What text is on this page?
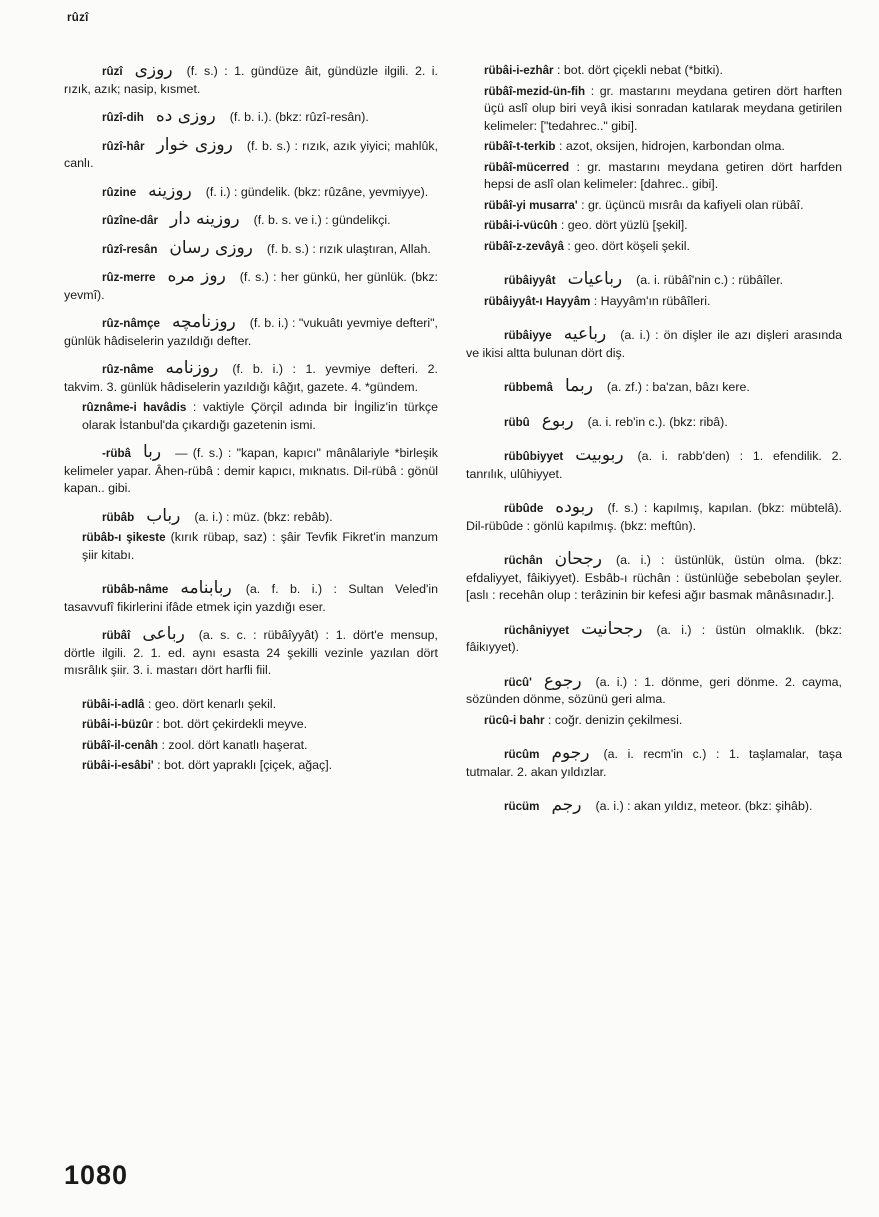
rûzî
rûzî روزی (f. s.) : 1. gündüze âit, gündüzle ilgili. 2. i. rızık, azık; nasip, kısmet.
rûzî-dih روزی ده (f. b. i.). (bkz: rûzî-resân).
rûzî-hâr روزی خوار (f. b. s.) : rızık, azık yiyici; mahlûk, canlı.
rûzine روزینه (f. i.) : gündelik. (bkz: rûzâne, yevmiyye).
rûzîne-dâr روزینه دار (f. b. s. ve i.) : gündelikçi.
rûzî-resân روزی رسان (f. b. s.) : rızık ulaştıran, Allah.
rûz-merre روز مره (f. s.) : her günkü, her günlük. (bkz: yevmî).
rûz-nâmçe روزنامچه (f. b. i.) : "vukuâtı yevmiye defteri", günlük hâdiselerin yazıldığı defter.
rûz-nâme روزنامه (f. b. i.) : 1. yevmiye defteri. 2. takvim. 3. günlük hâdiselerin yazıldığı kâğıt, gazete. 4. *gündem.
rûznâme-i havâdis : vaktiyle Çörçil adında bir İngiliz'in türkçe olarak İstanbul'da çıkardığı gazetenin ismi.
-rübâ ربا — (f. s.) : "kapan, kapıcı" mânâlariyle *birleşik kelimeler yapar. Âhen-rübâ : demir kapıcı, mıknatıs. Dil-rübâ : gönül kapan.. gibi.
rübâb رباب (a. i.) : müz. (bkz: rebâb).
rübâb-ı şikeste (kırık rübap, saz) : şâir Tevfik Fikret'in manzum şiir kitabı.
rübâb-nâme ربابنامه (a. f. b. i.) : Sultan Veled'in tasavvufî fikirlerini ifâde etmek için yazdığı eser.
rübâî رباعی (a. s. c. : rübâîyyât) : 1. dört'e mensup, dörtle ilgili. 2. 1. ed. aynı esasta 24 şekilli vezinle yazılan dört mısrâlık şiir. 3. i. mastarı dört harfli fiil.
rübâi-i-adlâ : geo. dört kenarlı şekil.
rübâi-i-büzûr : bot. dört çekirdekli meyve.
rübâî-il-cenâh : zool. dört kanatlı haşerat.
rübâi-i-esâbi' : bot. dört yapraklı [çiçek, ağaç].
rübâi-i-ezhâr : bot. dört çiçekli nebat (*bitki).
rübâî-mezid-ün-fih : gr. mastarını meydana getiren dört harften üçü aslî olup biri veyâ ikisi sonradan katılarak meydana getirilen kelimeler: ["tedahrec.." gibi].
rübâî-t-terkib : azot, oksijen, hidrojen, karbondan olma.
rübâî-mücerred : gr. mastarını meydana getiren dört harfden hepsi de aslî olan kelimeler: [dahrec.. gibi].
rübâî-yi musarra' : gr. üçüncü mısrâı da kafiyeli olan rübâî.
rübâi-i-vücûh : geo. dört yüzlü [şekil].
rübâî-z-zevâyâ : geo. dört köşeli şekil.
rübâiyyât رباعیات (a. i. rübâî'nin c.) : rübâîler.
rübâiyyât-ı Hayyâm : Hayyâm'ın rübâîleri.
rübâiyye رباعیه (a. i.) : ön dişler ile azı dişleri arasında ve ikisi altta bulunan dört diş.
rübbemâ ربما (a. zf.) : ba'zan, bâzı kere.
rübû ربوع (a. i. reb'in c.). (bkz: ribâ).
rübûbiyyet ربوبیت (a. i. rabb'den) : 1. efendilik. 2. tanrılık, ulûhiyyet.
rübûde ربوده (f. s.) : kapılmış, kapılan. (bkz: mübtelâ). Dil-rübûde : gönlü kapılmış. (bkz: meftûn).
rüchân رجحان (a. i.) : üstünlük, üstün olma. (bkz: efdaliyyet, fâikiyyet). Esbâb-ı rüchân : üstünlüğe sebebolan şeyler. [aslı : recehân olup : terâzinin bir kefesi ağır basmak mânâsınadır.].
rüchâniyyet رجحانیت (a. i.) : üstün olmaklık. (bkz: fâikıyyet).
rücû' رجوع (a. i.) : 1. dönme, geri dönme. 2. cayma, sözünden dönme, sözünü geri alma.
rücû-i bahr : coğr. denizin çekilmesi.
rücûm رجوم (a. i. recm'in c.) : 1. taşlamalar, taşa tutmalar. 2. akan yıldızlar.
rücüm رجم (a. i.) : akan yıldız, meteor. (bkz: şihâb).
1080
